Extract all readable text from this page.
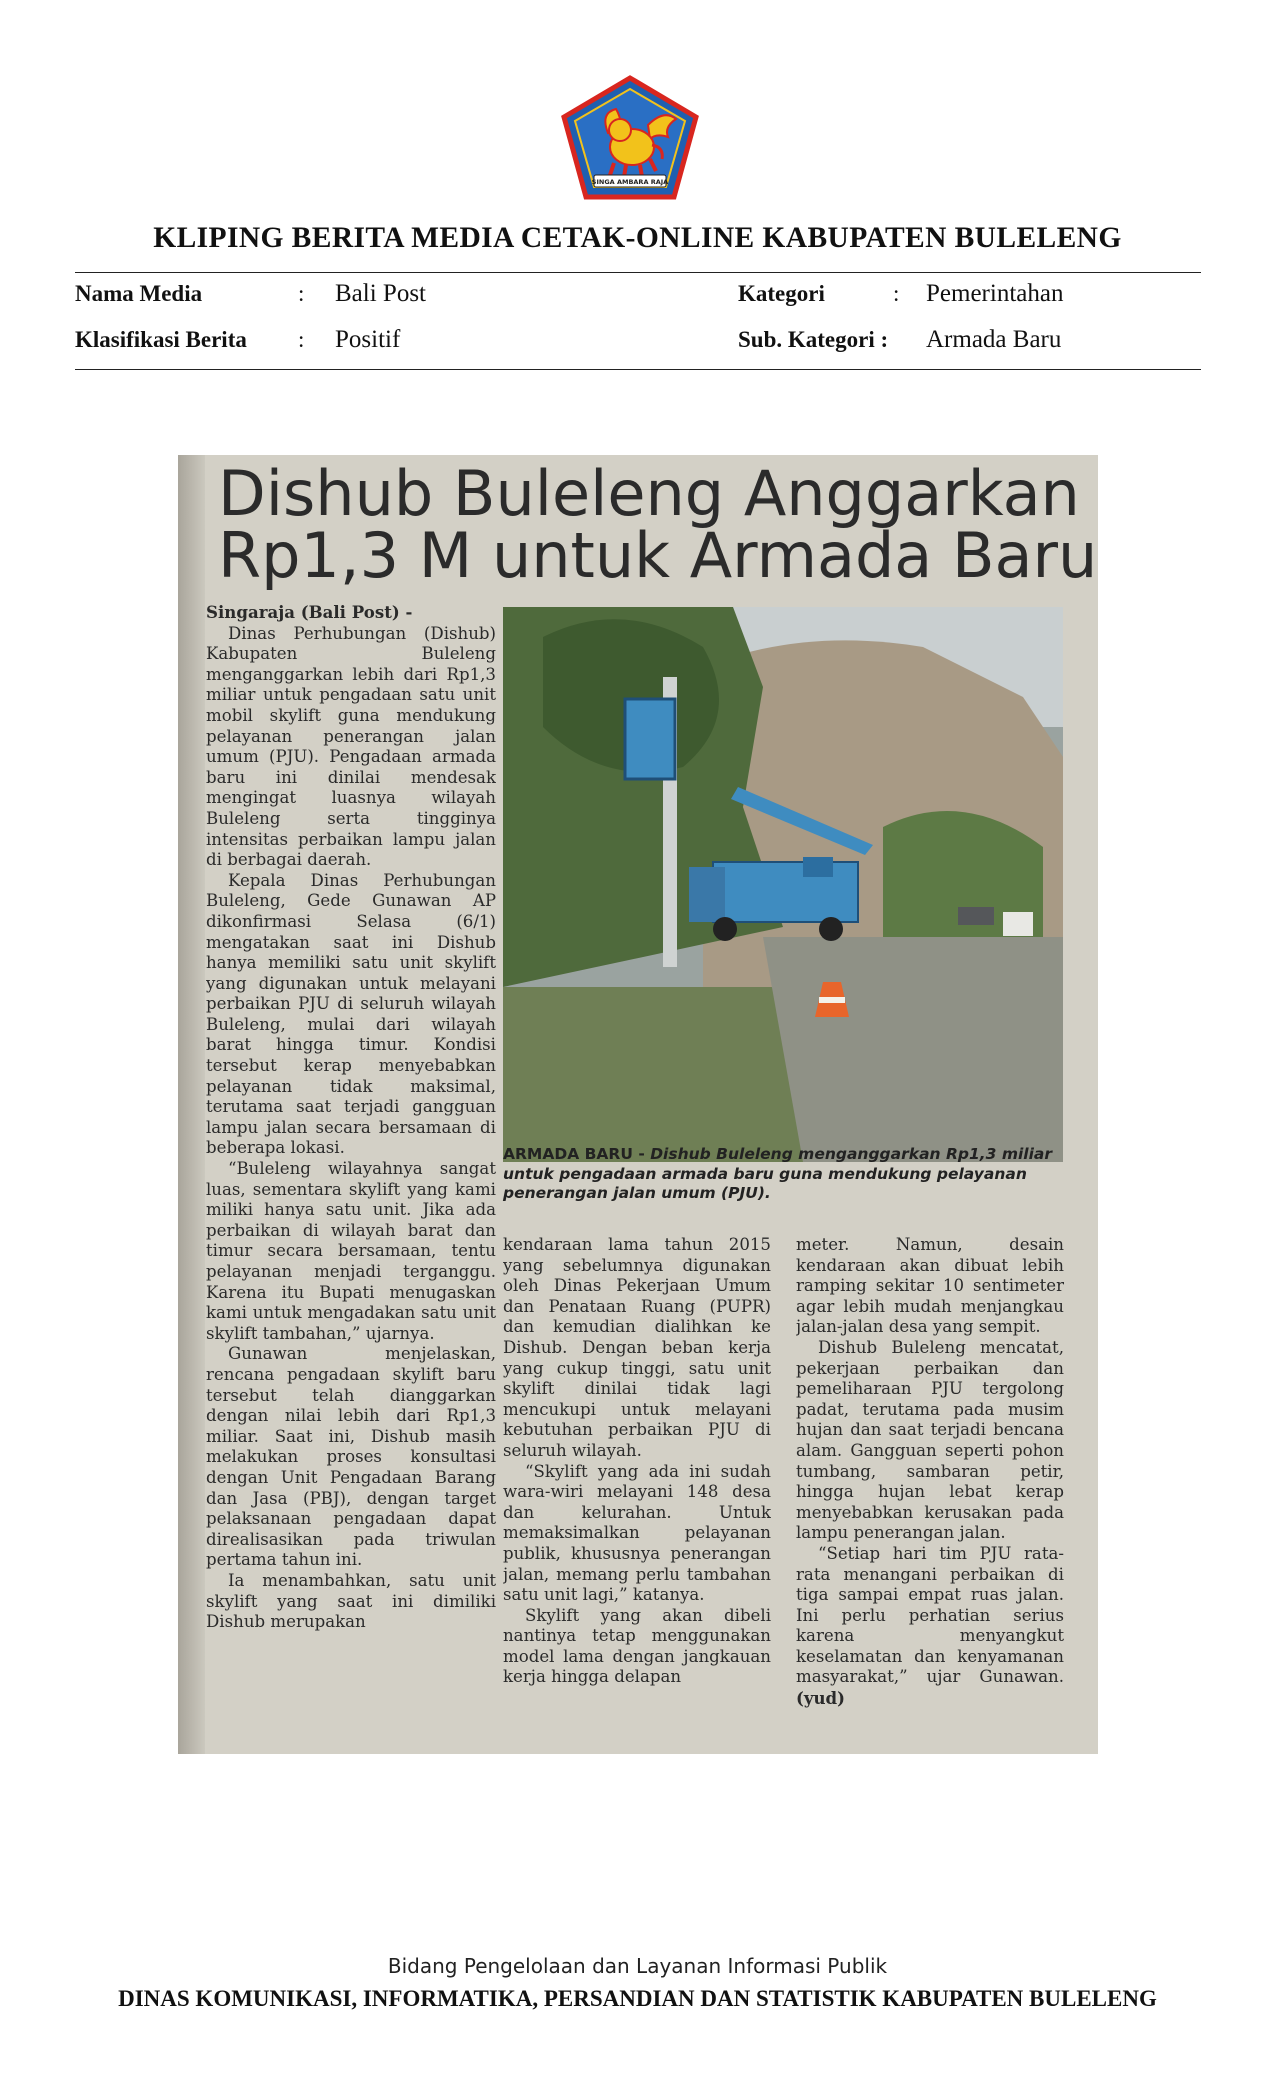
SINGA AMBARA RAJA
KLIPING BERITA MEDIA CETAK-ONLINE KABUPATEN BULELENG
Nama Media	: Bali Post	Kategori	: Pemerintahan
Klasifikasi Berita : Positif	Sub. Kategori : Armada Baru
Dishub Buleleng Anggarkan
Rp1,3 M untuk Armada Baru

Singaraja (Bali Post) -

Dinas Perhubungan (Dishub) Kabupaten Buleleng menganggarkan lebih dari Rp1,3 miliar untuk pengadaan satu unit mobil skylift guna mendukung pelayanan penerangan jalan umum (PJU). Pengadaan armada baru ini dinilai mendesak mengingat luasnya wilayah Buleleng serta tingginya intensitas perbaikan lampu jalan di berbagai daerah.

Kepala Dinas Perhubungan Buleleng, Gede Gunawan AP dikonfirmasi Selasa (6/1) mengatakan saat ini Dishub hanya memiliki satu unit skylift yang digunakan untuk melayani perbaikan PJU di seluruh wilayah Buleleng, mulai dari wilayah barat hingga timur. Kondisi tersebut kerap menyebabkan pelayanan tidak maksimal, terutama saat terjadi gangguan lampu jalan secara bersamaan di beberapa lokasi.

“Buleleng wilayahnya sangat luas, sementara skylift yang kami miliki hanya satu unit. Jika ada perbaikan di wilayah barat dan timur secara bersamaan, tentu pelayanan menjadi terganggu. Karena itu Bupati menugaskan kami untuk mengadakan satu unit skylift tambahan,” ujarnya.

Gunawan menjelaskan, rencana pengadaan skylift baru tersebut telah dianggarkan dengan nilai lebih dari Rp1,3 miliar. Saat ini, Dishub masih melakukan proses konsultasi dengan Unit Pengadaan Barang dan Jasa (PBJ), dengan target pelaksanaan pengadaan dapat direalisasikan pada triwulan pertama tahun ini.

Ia menambahkan, satu unit skylift yang saat ini dimiliki Dishub merupakan

ARMADA BARU - Dishub Buleleng menganggarkan Rp1,3 miliar untuk pengadaan armada baru guna mendukung pelayanan penerangan jalan umum (PJU).

kendaraan lama tahun 2015 yang sebelumnya digunakan oleh Dinas Pekerjaan Umum dan Penataan Ruang (PUPR) dan kemudian dialihkan ke Dishub. Dengan beban kerja yang cukup tinggi, satu unit skylift dinilai tidak lagi mencukupi untuk melayani kebutuhan perbaikan PJU di seluruh wilayah.

“Skylift yang ada ini sudah wara-wiri melayani 148 desa dan kelurahan. Untuk memaksimalkan pelayanan publik, khususnya penerangan jalan, memang perlu tambahan satu unit lagi,” katanya.

Skylift yang akan dibeli nantinya tetap menggunakan model lama dengan jangkauan kerja hingga delapan

meter. Namun, desain kendaraan akan dibuat lebih ramping sekitar 10 sentimeter agar lebih mudah menjangkau jalan-jalan desa yang sempit.

Dishub Buleleng mencatat, pekerjaan perbaikan dan pemeliharaan PJU tergolong padat, terutama pada musim hujan dan saat terjadi bencana alam. Gangguan seperti pohon tumbang, sambaran petir, hingga hujan lebat kerap menyebabkan kerusakan pada lampu penerangan jalan.

“Setiap hari tim PJU rata-rata menangani perbaikan di tiga sampai empat ruas jalan. Ini perlu perhatian serius karena menyangkut keselamatan dan kenyamanan masyarakat,” ujar Gunawan. (yud)

Bidang Pengelolaan dan Layanan Informasi Publik
DINAS KOMUNIKASI, INFORMATIKA, PERSANDIAN DAN STATISTIK KABUPATEN BULELENG
